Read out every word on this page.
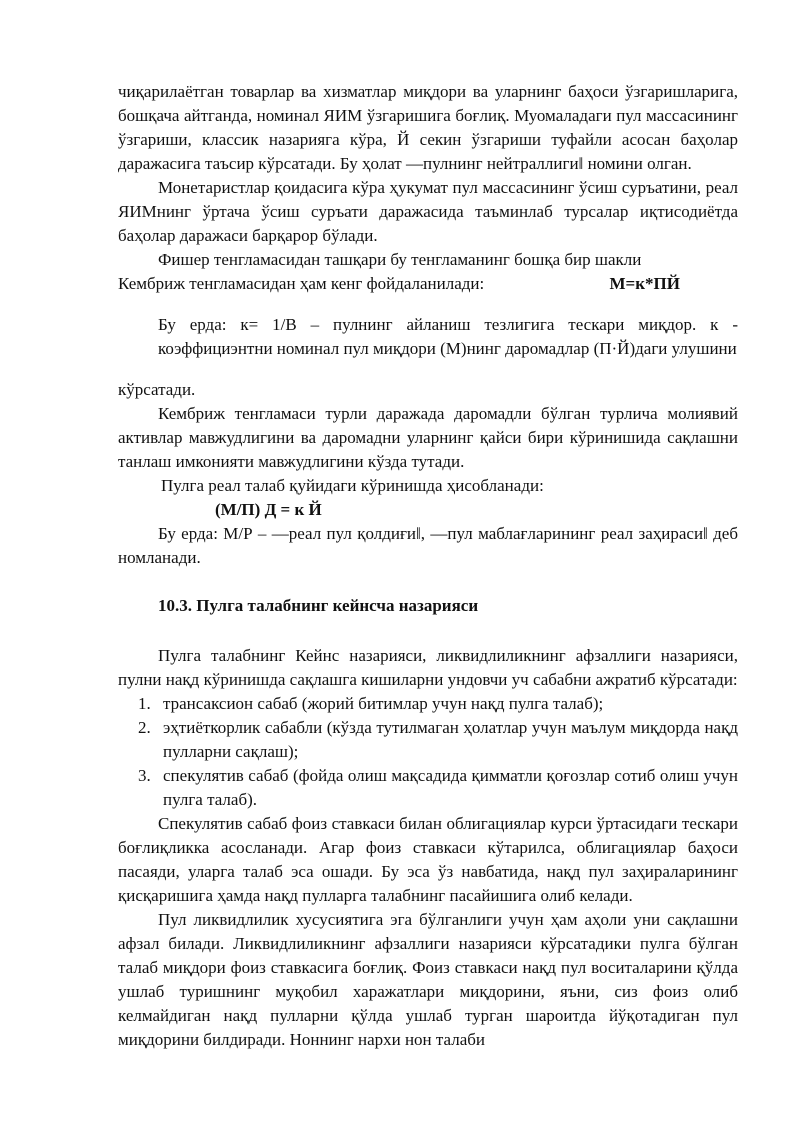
чиқарилаётган товарлар ва хизматлар миқдори ва уларнинг баҳоси ўзгаришларига, бошқача айтганда, номинал ЯИМ ўзгаришига боғлиқ. Муомаладаги пул массасининг ўзгариши, классик назарияга кўра, Й секин ўзгариши туфайли асосан баҳолар даражасига таъсир кўрсатади. Бу ҳолат ―пулнинг нейтраллиги‖ номини олган.

Монетаристлар қоидасига кўра ҳукумат пул массасининг ўсиш суръатини, реал ЯИМнинг ўртача ўсиш суръати даражасида таъминлаб турсалар иқтисодиётда баҳолар даражаси барқарор бўлади.

Фишер тенгламасидан ташқари бу тенгламанинг бошқа бир шакли

Кембриж тенгламасидан ҳам кенг фойдаланилади:	М=к*ПЙ

Бу ерда: к= 1/В – пулнинг айланиш тезлигига тескари миқдор. к - коэффициэнтни номинал пул миқдори (М)нинг даромадлар (П·Й)даги улушини

кўрсатади.

Кембриж тенгламаси турли даражада даромадли бўлган турлича молиявий активлар мавжудлигини ва даромадни уларнинг қайси бири кўринишида сақлашни танлаш имконияти мавжудлигини кўзда тутади.

Пулга реал талаб қуйидаги кўринишда ҳисобланади:

(М/П) Д = к Й

Бу ерда: М/Р – ―реал пул қолдиғи‖, ―пул маблағларининг реал заҳираси‖ деб номланади.

10.3. Пулга талабнинг кейнсча назарияси

Пулга талабнинг Кейнс назарияси, ликвидлиликнинг афзаллиги назарияси, пулни нақд кўринишда сақлашга кишиларни ундовчи уч сабабни ажратиб кўрсатади:

1. трансаксион сабаб (жорий битимлар учун нақд пулга талаб);
2. эҳтиёткорлик сабабли (кўзда тутилмаган ҳолатлар учун маълум миқдорда нақд пулларни сақлаш);
3. спекулятив сабаб (фойда олиш мақсадида қимматли қоғозлар сотиб олиш учун пулга талаб).

Спекулятив сабаб фоиз ставкаси билан облигациялар курси ўртасидаги тескари боғлиқликка асосланади. Агар фоиз ставкаси кўтарилса, облигациялар баҳоси пасаяди, уларга талаб эса ошади. Бу эса ўз навбатида, нақд пул заҳираларининг қисқаришига ҳамда нақд пулларга талабнинг пасайишига олиб келади.

Пул ликвидлилик хусусиятига эга бўлганлиги учун ҳам аҳоли уни сақлашни афзал билади. Ликвидлиликнинг афзаллиги назарияси кўрсатадики пулга бўлган талаб миқдори фоиз ставкасига боғлиқ. Фоиз ставкаси нақд пул воситаларини қўлда ушлаб туришнинг муқобил харажатлари миқдорини, яъни, сиз фоиз олиб келмайдиган нақд пулларни қўлда ушлаб турган шароитда йўқотадиган пул миқдорини билдиради. Ноннинг нархи нон талаби
